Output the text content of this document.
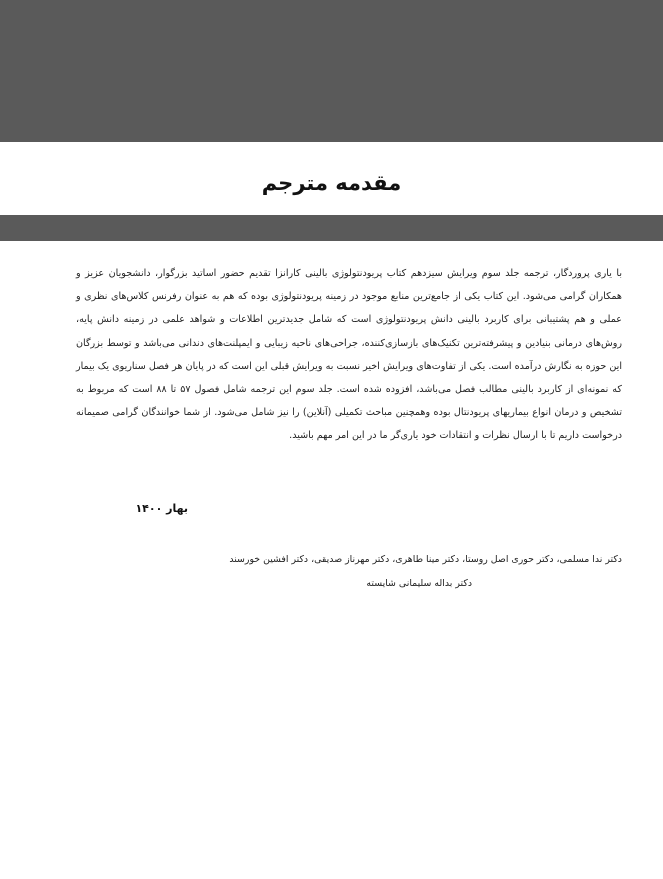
مقدمه مترجم

با یاری پروردگار، ترجمه جلد سوم ویرایش سیزدهم کتاب پریودنتولوژی بالینی کارانزا تقدیم حضور اساتید بزرگوار، دانشجویان عزیز و همکاران گرامی می‌شود. این کتاب یکی از جامع‌ترین منابع موجود در زمینه پریودنتولوژی بوده که هم به عنوان رفرنس کلاس‌های نظری و عملی و هم پشتیبانی برای کاربرد بالینی دانش پریودنتولوژی است که شامل جدیدترین اطلاعات و شواهد علمی در زمینه دانش پایه، روش‌های درمانی بنیادین و پیشرفته‌ترین تکنیک‌های بازسازی‌کننده، جراحی‌های ناحیه زیبایی و ایمپلنت‌های دندانی می‌باشد و توسط بزرگان این حوزه به نگارش درآمده است. یکی از تفاوت‌های ویرایش اخیر نسبت به ویرایش قبلی این است که در پایان هر فصل سناریوی یک بیمار که نمونه‌ای از کاربرد بالینی مطالب فصل می‌باشد، افزوده شده است. جلد سوم این ترجمه شامل فصول ۵۷ تا ۸۸ است که مربوط به تشخیص و درمان انواع بیماریهای پریودنتال بوده وهمچنین مباحث تکمیلی (آنلاین) را نیز شامل می‌شود. از شما خوانندگان گرامی صمیمانه درخواست داریم تا با ارسال نظرات و انتقادات خود یاری‌گر ما در این امر مهم باشید.

بهار ۱۴۰۰
دکتر ندا مسلمی، دکتر حوری اصل روستا، دکتر مینا طاهری، دکتر مهرناز صدیقی، دکتر افشین خورسند
دکتر بداله سلیمانی شایسته
